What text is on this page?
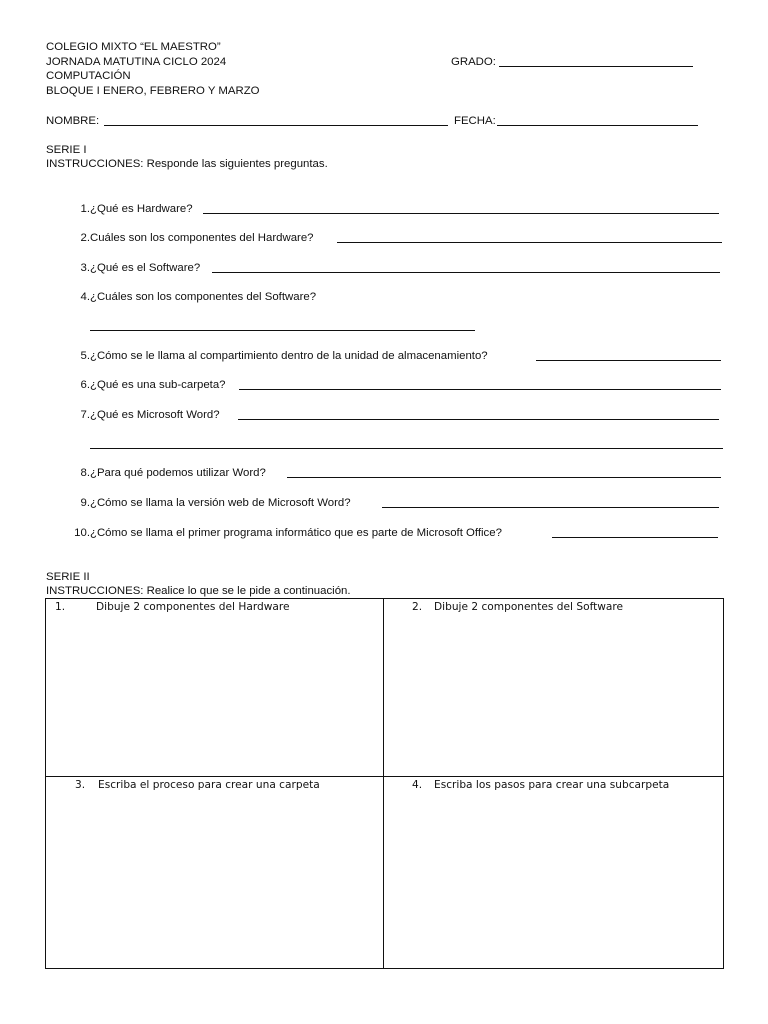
COLEGIO MIXTO “EL MAESTRO”
JORNADA MATUTINA CICLO 2024	GRADO:
COMPUTACIÓN
BLOQUE I ENERO, FEBRERO Y MARZO
NOMBRE:	FECHA:
SERIE I
INSTRUCCIONES: Responde las siguientes preguntas.
1. ¿Qué es Hardware?
2. Cuáles son los componentes del Hardware?
3. ¿Qué es el Software?
4. ¿Cuáles son los componentes del Software?
5. ¿Cómo se le llama al compartimiento dentro de la unidad de almacenamiento?
6. ¿Qué es una sub-carpeta?
7. ¿Qué es Microsoft Word?
8. ¿Para qué podemos utilizar Word?
9. ¿Cómo se llama la versión web de Microsoft Word?
10. ¿Cómo se llama el primer programa informático que es parte de Microsoft Office?
SERIE II
INSTRUCCIONES: Realice lo que se le pide a continuación.
1.	Dibuje 2 componentes del Hardware	2. Dibuje 2 componentes del Software
3. Escriba el proceso para crear una carpeta	4. Escriba los pasos para crear una subcarpeta
